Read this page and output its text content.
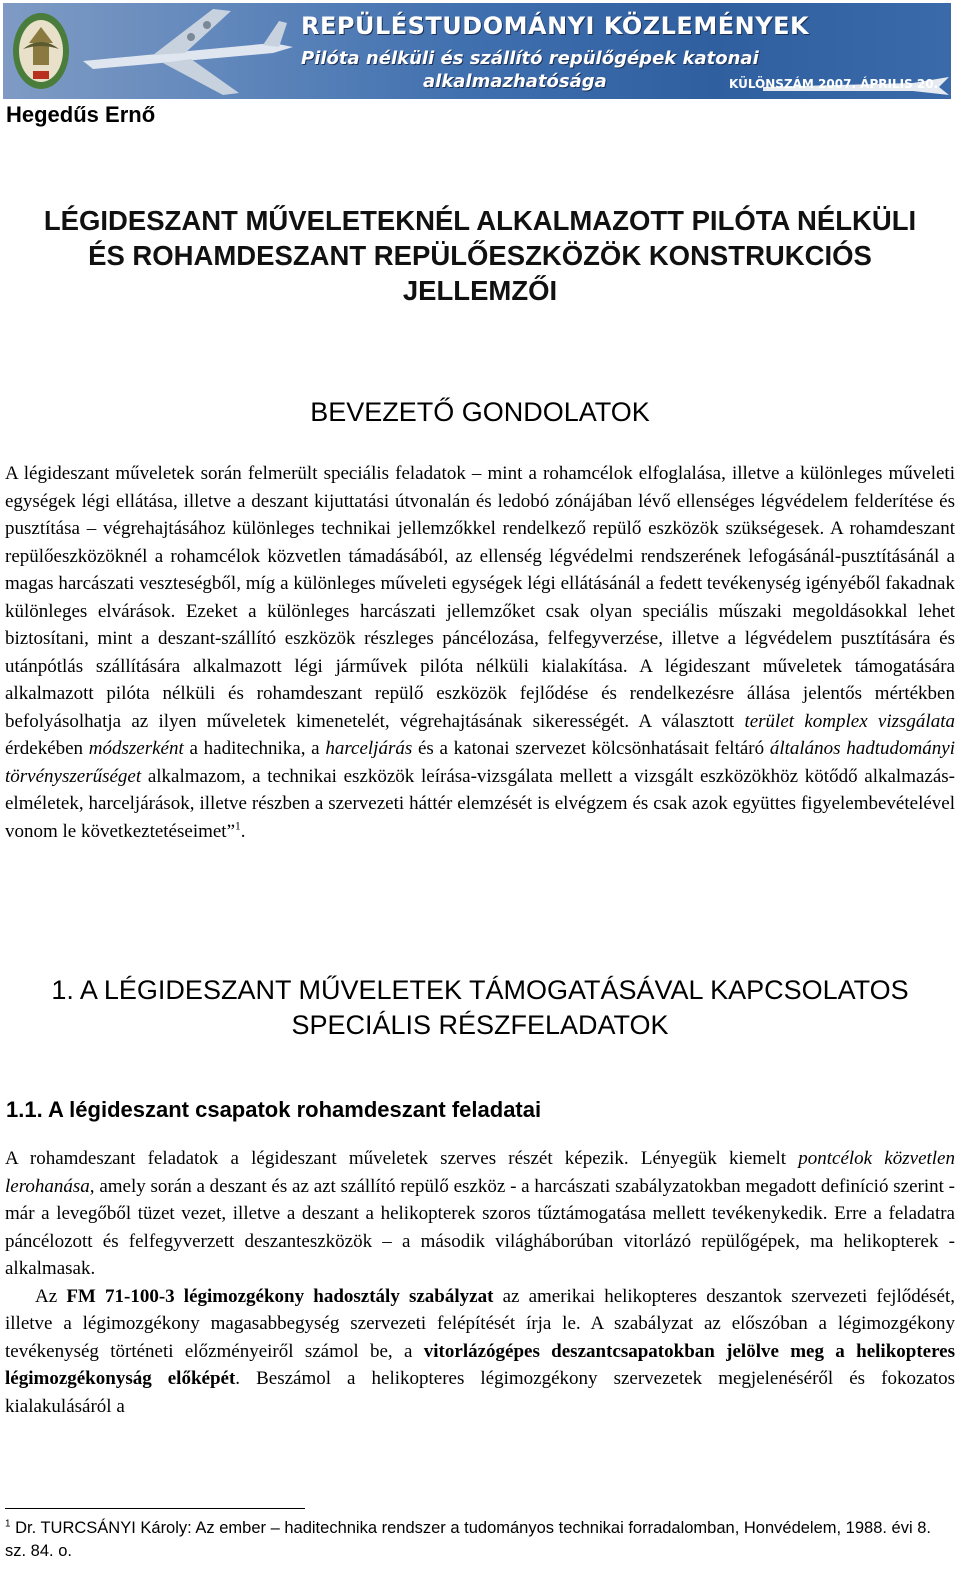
REPÜLÉSTUDOMÁNYI KÖZLEMÉNYEK
Pilóta nélküli és szállító repülőgépek katonai
alkalmazhatósága	KÜLÖNSZÁM 2007. ÁPRILIS 20.
Hegedűs Ernő
LÉGIDESZANT MŰVELETEKNÉL ALKALMAZOTT PILÓTA NÉLKÜLI
ÉS ROHAMDESZANT REPÜLŐESZKÖZÖK KONSTRUKCIÓS
JELLEMZŐI
BEVEZETŐ GONDOLATOK

A légideszant műveletek során felmerült speciális feladatok – mint a rohamcélok elfoglalása, illetve a különleges műveleti egységek légi ellátása, illetve a deszant kijuttatási útvonalán és ledobó zónájában lévő ellenséges légvédelem felderítése és pusztítása – végrehajtásához különleges technikai jellemzőkkel rendelkező repülő eszközök szükségesek. A rohamdeszant repülőeszközöknél a rohamcélok közvetlen támadásából, az ellenség légvédelmi rendszerének lefogásánál-pusztításánál a magas harcászati veszteségből, míg a különleges műveleti egységek légi ellátásánál a fedett tevékenység igényéből fakadnak különleges elvárások. Ezeket a különleges harcászati jellemzőket csak olyan speciális műszaki megoldásokkal lehet biztosítani, mint a deszant-szállító eszközök részleges páncélozása, felfegyverzése, illetve a légvédelem pusztítására és utánpótlás szállítására alkalmazott légi járművek pilóta nélküli kialakítása. A légideszant műveletek támogatására alkalmazott pilóta nélküli és rohamdeszant repülő eszközök fejlődése és rendelkezésre állása jelentős mértékben befolyásolhatja az ilyen műveletek kimenetelét, végrehajtásának sikerességét. A választott terület komplex vizsgálata érdekében módszerként a haditechnika, a harceljárás és a katonai szervezet kölcsönhatásait feltáró általános hadtudományi törvényszerűséget alkalmazom, a technikai eszközök leírása-vizsgálata mellett a vizsgált eszközökhöz kötődő alkalmazás-elméletek, harceljárások, illetve részben a szervezeti háttér elemzését is elvégzem és csak azok együttes figyelembevételével vonom le következtetéseimet”$^1$.

1. A LÉGIDESZANT MŰVELETEK TÁMOGATÁSÁVAL KAPCSOLATOS
SPECIÁLIS RÉSZFELADATOK
1.1. A légideszant csapatok rohamdeszant feladatai

A rohamdeszant feladatok a légideszant műveletek szerves részét képezik. Lényegük kiemelt pontcélok közvetlen lerohanása, amely során a deszant és az azt szállító repülő eszköz - a harcászati szabályzatokban megadott definíció szerint - már a levegőből tüzet vezet, illetve a deszant a helikopterek szoros tűztámogatása mellett tevékenykedik. Erre a feladatra páncélozott és felfegyverzett deszanteszközök – a második világháborúban vitorlázó repülőgépek, ma helikopterek - alkalmasak.

Az FM 71-100-3 légimozgékony hadosztály szabályzat az amerikai helikopteres deszantok szervezeti fejlődését, illetve a légimozgékony magasabbegység szervezeti felépítését írja le. A szabályzat az előszóban a légimozgékony tevékenység történeti előzményeiről számol be, a vitorlázógépes deszantcsapatokban jelölve meg a helikopteres légimozgékonyság előképét. Beszámol a helikopteres légimozgékony szervezetek megjelenéséről és fokozatos kialakulásáról a

$^1$ Dr. TURCSÁNYI Károly: Az ember – haditechnika rendszer a tudományos technikai forradalomban, Honvédelem, 1988. évi 8. sz. 84. o.
